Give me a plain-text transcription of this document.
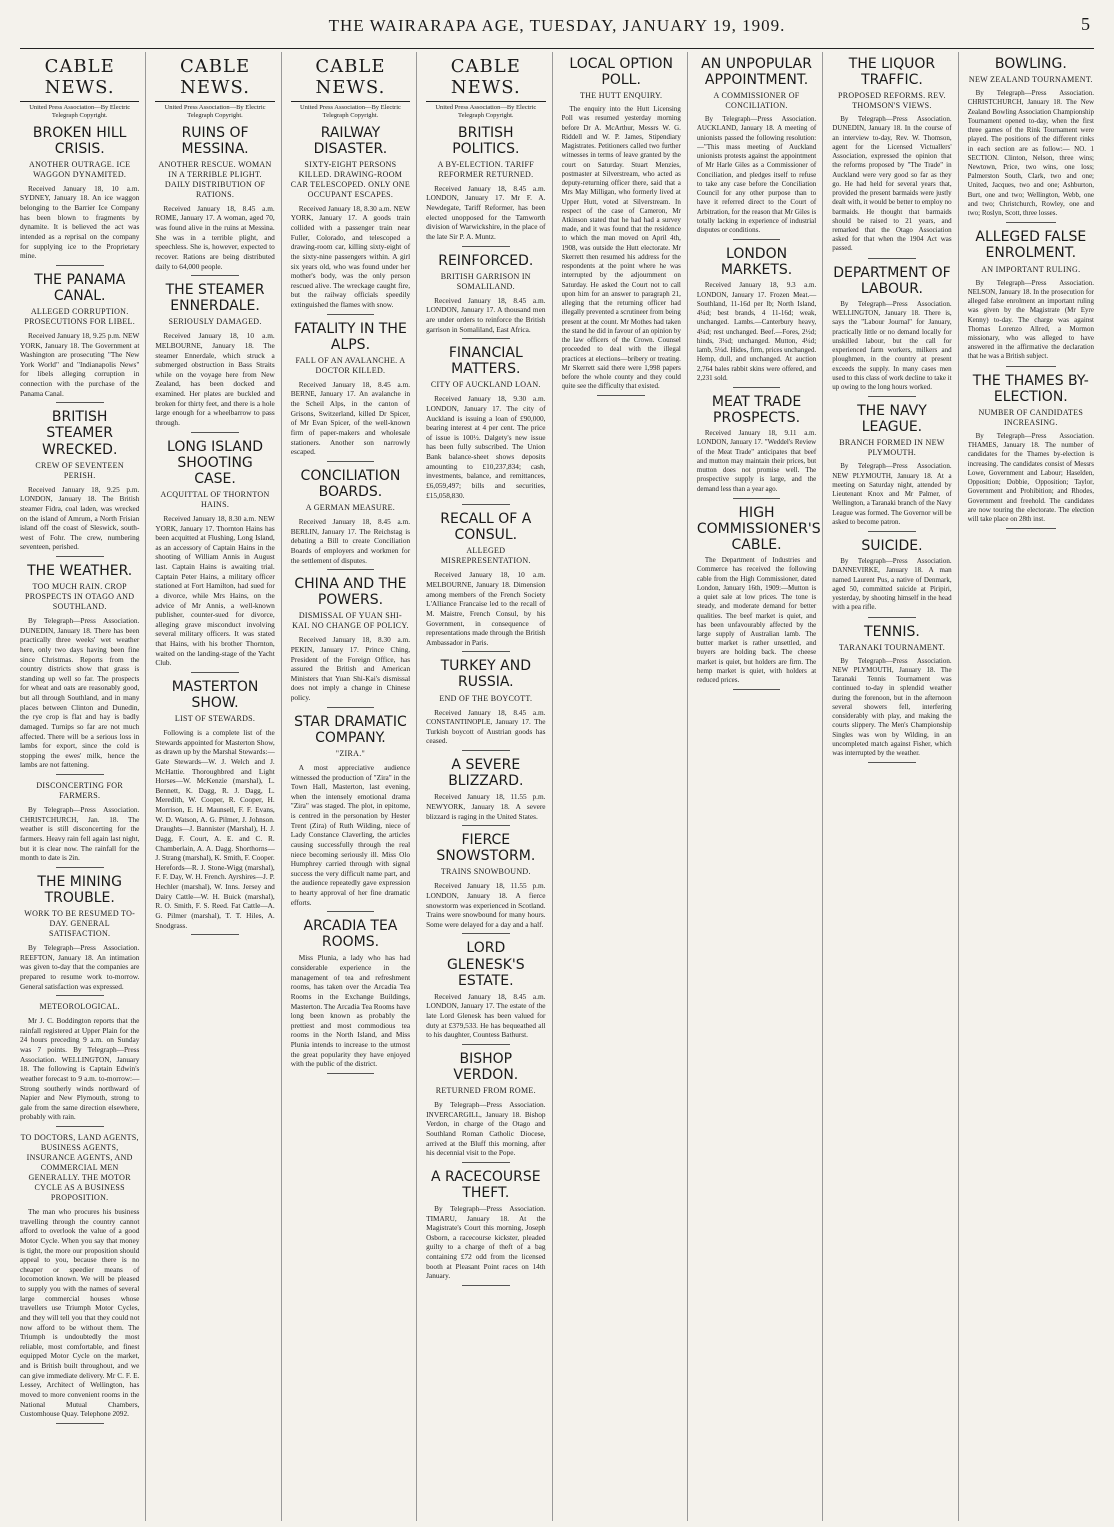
THE WAIRARAPA AGE, TUESDAY, JANUARY 19, 1909.	5
CABLE NEWS.
United Press Association—By Electric Telegraph Copyright.
BROKEN HILL CRISIS.
ANOTHER OUTRAGE. ICE WAGGON DYNAMITED.

Received January 18, 10 a.m. SYDNEY, January 18. An ice waggon belonging to the Barrier Ice Company has been blown to fragments by dynamite. It is believed the act was intended as a reprisal on the company for supplying ice to the Proprietary mine.

THE PANAMA CANAL.
ALLEGED CORRUPTION. PROSECUTIONS FOR LIBEL.

Received January 18, 9.25 p.m. NEW YORK, January 18. The Government at Washington are prosecuting "The New York World" and "Indianapolis News" for libels alleging corruption in connection with the purchase of the Panama Canal.

BRITISH STEAMER WRECKED.
CREW OF SEVENTEEN PERISH.

Received January 18, 9.25 p.m. LONDON, January 18. The British steamer Fidra, coal laden, was wrecked on the island of Amrum, a North Frisian island off the coast of Sleswick, south-west of Fohr. The crew, numbering seventeen, perished.

THE WEATHER.
TOO MUCH RAIN. CROP PROSPECTS IN OTAGO AND SOUTHLAND.

By Telegraph—Press Association. DUNEDIN, January 18. There has been practically three weeks' wet weather here, only two days having been fine since Christmas. Reports from the country districts show that grass is standing up well so far. The prospects for wheat and oats are reasonably good, but all through Southland, and in many places between Clinton and Dunedin, the rye crop is flat and hay is badly damaged. Turnips so far are not much affected. There will be a serious loss in lambs for export, since the cold is stopping the ewes' milk, hence the lambs are not fattening.

DISCONCERTING FOR FARMERS.

By Telegraph—Press Association. CHRISTCHURCH, Jan. 18. The weather is still disconcerting for the farmers. Heavy rain fell again last night, but it is clear now. The rainfall for the month to date is 2in.

THE MINING TROUBLE.
WORK TO BE RESUMED TO-DAY. GENERAL SATISFACTION.

By Telegraph—Press Association. REEFTON, January 18. An intimation was given to-day that the companies are prepared to resume work to-morrow. General satisfaction was expressed.

METEOROLOGICAL.

Mr J. C. Boddington reports that the rainfall registered at Upper Plain for the 24 hours preceding 9 a.m. on Sunday was 7 points. By Telegraph—Press Association. WELLINGTON, January 18. The following is Captain Edwin's weather forecast to 9 a.m. to-morrow:—Strong southerly winds northward of Napier and New Plymouth, strong to gale from the same direction elsewhere, probably with rain.

TO DOCTORS, LAND AGENTS, BUSINESS AGENTS, INSURANCE AGENTS, AND COMMERCIAL MEN GENERALLY. THE MOTOR CYCLE AS A BUSINESS PROPOSITION.

The man who procures his business travelling through the country cannot afford to overlook the value of a good Motor Cycle. When you say that money is tight, the more our proposition should appeal to you, because there is no cheaper or speedier means of locomotion known. We will be pleased to supply you with the names of several large commercial houses whose travellers use Triumph Motor Cycles, and they will tell you that they could not now afford to be without them. The Triumph is undoubtedly the most reliable, most comfortable, and finest equipped Motor Cycle on the market, and is British built throughout, and we can give immediate delivery. Mr C. F. E. Lessey, Architect of Wellington, has moved to more convenient rooms in the National Mutual Chambers, Customhouse Quay. Telephone 2092.

CABLE NEWS.
United Press Association—By Electric Telegraph Copyright.
RUINS OF MESSINA.
ANOTHER RESCUE. WOMAN IN A TERRIBLE PLIGHT. DAILY DISTRIBUTION OF RATIONS.

Received January 18, 8.45 a.m. ROME, January 17. A woman, aged 70, was found alive in the ruins at Messina. She was in a terrible plight, and speechless. She is, however, expected to recover. Rations are being distributed daily to 64,000 people.

THE STEAMER ENNERDALE.
SERIOUSLY DAMAGED.

Received January 18, 10 a.m. MELBOURNE, January 18. The steamer Ennerdale, which struck a submerged obstruction in Bass Straits while on the voyage here from New Zealand, has been docked and examined. Her plates are buckled and broken for thirty feet, and there is a hole large enough for a wheelbarrow to pass through.

LONG ISLAND SHOOTING CASE.
ACQUITTAL OF THORNTON HAINS.

Received January 18, 8.30 a.m. NEW YORK, January 17. Thornton Hains has been acquitted at Flushing, Long Island, as an accessory of Captain Hains in the shooting of William Annis in August last. Captain Hains is awaiting trial. Captain Peter Hains, a military officer stationed at Fort Hamilton, had sued for a divorce, while Mrs Hains, on the advice of Mr Annis, a well-known publisher, counter-sued for divorce, alleging grave misconduct involving several military officers. It was stated that Hains, with his brother Thornton, waited on the landing-stage of the Yacht Club.

MASTERTON SHOW.
LIST OF STEWARDS.

Following is a complete list of the Stewards appointed for Masterton Show, as drawn up by the Marshal Stewards:—Gate Stewards—W. J. Welch and J. McHattie. Thoroughbred and Light Horses—W. McKenzie (marshal), L. Bennett, K. Dagg, R. J. Dagg, L. Meredith, W. Cooper, R. Cooper, H. Morrison, E. H. Maunsell, F. F. Evans, W. D. Watson, A. G. Pilmer, J. Johnson. Draughts—J. Bannister (Marshal), H. J. Dagg, F. Court, A. E. and C. R. Chamberlain, A. A. Dagg. Shorthorns—J. Strang (marshal), K. Smith, F. Cooper. Herefords—R. J. Stone-Wigg (marshal), F. F. Day, W. H. French. Ayrshires—J. P. Hechler (marshal), W. Inns. Jersey and Dairy Cattle—W. H. Buick (marshal), R. O. Smith, F. S. Reed. Fat Cattle—A. G. Pilmer (marshal), T. T. Hiles, A. Snodgrass.

CABLE NEWS.
United Press Association—By Electric Telegraph Copyright.
RAILWAY DISASTER.
SIXTY-EIGHT PERSONS KILLED. DRAWING-ROOM CAR TELESCOPED. ONLY ONE OCCUPANT ESCAPES.

Received January 18, 8.30 a.m. NEW YORK, January 17. A goods train collided with a passenger train near Fuller, Colorado, and telescoped a drawing-room car, killing sixty-eight of the sixty-nine passengers within. A girl six years old, who was found under her mother's body, was the only person rescued alive. The wreckage caught fire, but the railway officials speedily extinguished the flames with snow.

FATALITY IN THE ALPS.
FALL OF AN AVALANCHE. A DOCTOR KILLED.

Received January 18, 8.45 a.m. BERNE, January 17. An avalanche in the Scheil Alps, in the canton of Grisons, Switzerland, killed Dr Spicer, of Mr Evan Spicer, of the well-known firm of paper-makers and wholesale stationers. Another son narrowly escaped.

CONCILIATION BOARDS.
A GERMAN MEASURE.

Received January 18, 8.45 a.m. BERLIN, January 17. The Reichstag is debating a Bill to create Conciliation Boards of employers and workmen for the settlement of disputes.

CHINA AND THE POWERS.
DISMISSAL OF YUAN SHI-KAI. NO CHANGE OF POLICY.

Received January 18, 8.30 a.m. PEKIN, January 17. Prince Ching, President of the Foreign Office, has assured the British and American Ministers that Yuan Shi-Kai's dismissal does not imply a change in Chinese policy.

STAR DRAMATIC COMPANY.
"ZIRA."

A most appreciative audience witnessed the production of "Zira" in the Town Hall, Masterton, last evening, when the intensely emotional drama "Zira" was staged. The plot, in epitome, is centred in the personation by Hester Trent (Zira) of Ruth Wilding, niece of Lady Constance Claverling, the articles causing successfully through the real niece becoming seriously ill. Miss Olo Humphrey carried through with signal success the very difficult name part, and the audience repeatedly gave expression to hearty approval of her fine dramatic efforts.

ARCADIA TEA ROOMS.

Miss Plunia, a lady who has had considerable experience in the management of tea and refreshment rooms, has taken over the Arcadia Tea Rooms in the Exchange Buildings, Masterton. The Arcadia Tea Rooms have long been known as probably the prettiest and most commodious tea rooms in the North Island, and Miss Plunia intends to increase to the utmost the great popularity they have enjoyed with the public of the district.

CABLE NEWS.
United Press Association—By Electric Telegraph Copyright.
BRITISH POLITICS.
A BY-ELECTION. TARIFF REFORMER RETURNED.

Received January 18, 8.45 a.m. LONDON, January 17. Mr F. A. Newdegate, Tariff Reformer, has been elected unopposed for the Tamworth division of Warwickshire, in the place of the late Sir P. A. Muntz.

REINFORCED.
BRITISH GARRISON IN SOMALILAND.

Received January 18, 8.45 a.m. LONDON, January 17. A thousand men are under orders to reinforce the British garrison in Somaliland, East Africa.

FINANCIAL MATTERS.
CITY OF AUCKLAND LOAN.

Received January 18, 9.30 a.m. LONDON, January 17. The city of Auckland is issuing a loan of £90,000, bearing interest at 4 per cent. The price of issue is 100½. Dalgety's new issue has been fully subscribed. The Union Bank balance-sheet shows deposits amounting to £10,237,834; cash, investments, balance, and remittances, £6,059,497; bills and securities, £15,058,830.

RECALL OF A CONSUL.
ALLEGED MISREPRESENTATION.

Received January 18, 10 a.m. MELBOURNE, January 18. Dimension among members of the French Society L'Alliance Francaise led to the recall of M. Maistre, French Consul, by his Government, in consequence of representations made through the British Ambassador in Paris.

TURKEY AND RUSSIA.
END OF THE BOYCOTT.

Received January 18, 8.45 a.m. CONSTANTINOPLE, January 17. The Turkish boycott of Austrian goods has ceased.

A SEVERE BLIZZARD.

Received January 18, 11.55 p.m. NEWYORK, January 18. A severe blizzard is raging in the United States.

FIERCE SNOWSTORM.
TRAINS SNOWBOUND.

Received January 18, 11.55 p.m. LONDON, January 18. A fierce snowstorm was experienced in Scotland. Trains were snowbound for many hours. Some were delayed for a day and a half.

LORD GLENESK'S ESTATE.

Received January 18, 8.45 a.m. LONDON, January 17. The estate of the late Lord Glenesk has been valued for duty at £379,533. He has bequeathed all to his daughter, Countess Bathurst.

BISHOP VERDON.
RETURNED FROM ROME.

By Telegraph—Press Association. INVERCARGILL, January 18. Bishop Verdon, in charge of the Otago and Southland Roman Catholic Diocese, arrived at the Bluff this morning, after his decennial visit to the Pope.

A RACECOURSE THEFT.

By Telegraph—Press Association. TIMARU, January 18. At the Magistrate's Court this morning, Joseph Osborn, a racecourse kickster, pleaded guilty to a charge of theft of a bag containing £72 odd from the licensed booth at Pleasant Point races on 14th January.

LOCAL OPTION POLL.
THE HUTT ENQUIRY.

The enquiry into the Hutt Licensing Poll was resumed yesterday morning before Dr A. McArthur, Messrs W. G. Riddell and W. P. James, Stipendiary Magistrates. Petitioners called two further witnesses in terms of leave granted by the court on Saturday. Stuart Menzies, postmaster at Silverstream, who acted as deputy-returning officer there, said that a Mrs May Milligan, who formerly lived at Upper Hutt, voted at Silverstream. In respect of the case of Cameron, Mr Atkinson stated that he had had a survey made, and it was found that the residence to which the man moved on April 4th, 1908, was outside the Hutt electorate. Mr Skerrett then resumed his address for the respondents at the point where he was interrupted by the adjournment on Saturday. He asked the Court not to call upon him for an answer to paragraph 21, alleging that the returning officer had illegally prevented a scrutineer from being present at the count. Mr Mothes had taken the stand he did in favour of an opinion by the law officers of the Crown. Counsel proceeded to deal with the illegal practices at elections—bribery or treating. Mr Skerrett said there were 1,998 papers before the whole county and they could quite see the difficulty that existed.

AN UNPOPULAR APPOINTMENT.
A COMMISSIONER OF CONCILIATION.

By Telegraph—Press Association. AUCKLAND, January 18. A meeting of unionists passed the following resolution:—"This mass meeting of Auckland unionists protests against the appointment of Mr Harle Giles as a Commissioner of Conciliation, and pledges itself to refuse to take any case before the Conciliation Council for any other purpose than to have it referred direct to the Court of Arbitration, for the reason that Mr Giles is totally lacking in experience of industrial disputes or conditions.

LONDON MARKETS.

Received January 18, 9.3 a.m. LONDON, January 17. Frozen Meat.—Southland, 11-16d per lb; North Island, 4¼d; best brands, 4 11-16d; weak, unchanged. Lambs.—Canterbury heavy, 4¼d; rest unchanged. Beef.—Fores, 2½d; hinds, 3¼d; unchanged. Mutton, 4¼d; lamb, 5¼d. Hides, firm, prices unchanged. Hemp, dull, and unchanged. At auction 2,764 bales rabbit skins were offered, and 2,231 sold.

MEAT TRADE PROSPECTS.

Received January 18, 9.11 a.m. LONDON, January 17. "Weddel's Review of the Meat Trade" anticipates that beef and mutton may maintain their prices, but mutton does not promise well. The prospective supply is large, and the demand less than a year ago.

HIGH COMMISSIONER'S CABLE.

The Department of Industries and Commerce has received the following cable from the High Commissioner, dated London, January 16th, 1909:—Mutton is a quiet sale at low prices. The tone is steady, and moderate demand for better qualities. The beef market is quiet, and has been unfavourably affected by the large supply of Australian lamb. The butter market is rather unsettled, and buyers are holding back. The cheese market is quiet, but holders are firm. The hemp market is quiet, with holders at reduced prices.

THE LIQUOR TRAFFIC.
PROPOSED REFORMS. REV. THOMSON'S VIEWS.

By Telegraph—Press Association. DUNEDIN, January 18. In the course of an interview to-day, Rev. W. Thomson, agent for the Licensed Victuallers' Association, expressed the opinion that the reforms proposed by "The Trade" in Auckland were very good so far as they go. He had held for several years that, provided the present barmaids were justly dealt with, it would be better to employ no barmaids. He thought that barmaids should be raised to 21 years, and remarked that the Otago Association asked for that when the 1904 Act was passed.

DEPARTMENT OF LABOUR.

By Telegraph—Press Association. WELLINGTON, January 18. There is, says the "Labour Journal" for January, practically little or no demand locally for unskilled labour, but the call for experienced farm workers, milkers and ploughmen, in the country at present exceeds the supply. In many cases men used to this class of work decline to take it up owing to the long hours worked.

THE NAVY LEAGUE.
BRANCH FORMED IN NEW PLYMOUTH.

By Telegraph—Press Association. NEW PLYMOUTH, January 18. At a meeting on Saturday night, attended by Lieutenant Knox and Mr Palmer, of Wellington, a Taranaki branch of the Navy League was formed. The Governor will be asked to become patron.

SUICIDE.

By Telegraph—Press Association. DANNEVIRKE, January 18. A man named Laurent Pus, a native of Denmark, aged 50, committed suicide at Piripiri, yesterday, by shooting himself in the head with a pea rifle.

TENNIS.
TARANAKI TOURNAMENT.

By Telegraph—Press Association. NEW PLYMOUTH, January 18. The Taranaki Tennis Tournament was continued to-day in splendid weather during the forenoon, but in the afternoon several showers fell, interfering considerably with play, and making the courts slippery. The Men's Championship Singles was won by Wilding, in an uncompleted match against Fisher, which was interrupted by the weather.

BOWLING.
NEW ZEALAND TOURNAMENT.

By Telegraph—Press Association. CHRISTCHURCH, January 18. The New Zealand Bowling Association Championship Tournament opened to-day, when the first three games of the Rink Tournament were played. The positions of the different rinks in each section are as follow:— NO. 1 SECTION. Clinton, Nelson, three wins; Newtown, Price, two wins, one loss; Palmerston South, Clark, two and one; United, Jacques, two and one; Ashburton, Burt, one and two; Wellington, Webb, one and two; Christchurch, Rowley, one and two; Roslyn, Scott, three losses.

ALLEGED FALSE ENROLMENT.
AN IMPORTANT RULING.

By Telegraph—Press Association. NELSON, January 18. In the prosecution for alleged false enrolment an important ruling was given by the Magistrate (Mr Eyre Kenny) to-day. The charge was against Thomas Lorenzo Allred, a Mormon missionary, who was alleged to have answered in the affirmative the declaration that he was a British subject.

THE THAMES BY-ELECTION.
NUMBER OF CANDIDATES INCREASING.

By Telegraph—Press Association. THAMES, January 18. The number of candidates for the Thames by-election is increasing. The candidates consist of Messrs Lowe, Government and Labour; Haselden, Opposition; Dobbie, Opposition; Taylor, Government and Prohibition; and Rhodes, Government and freehold. The candidates are now touring the electorate. The election will take place on 28th inst.
